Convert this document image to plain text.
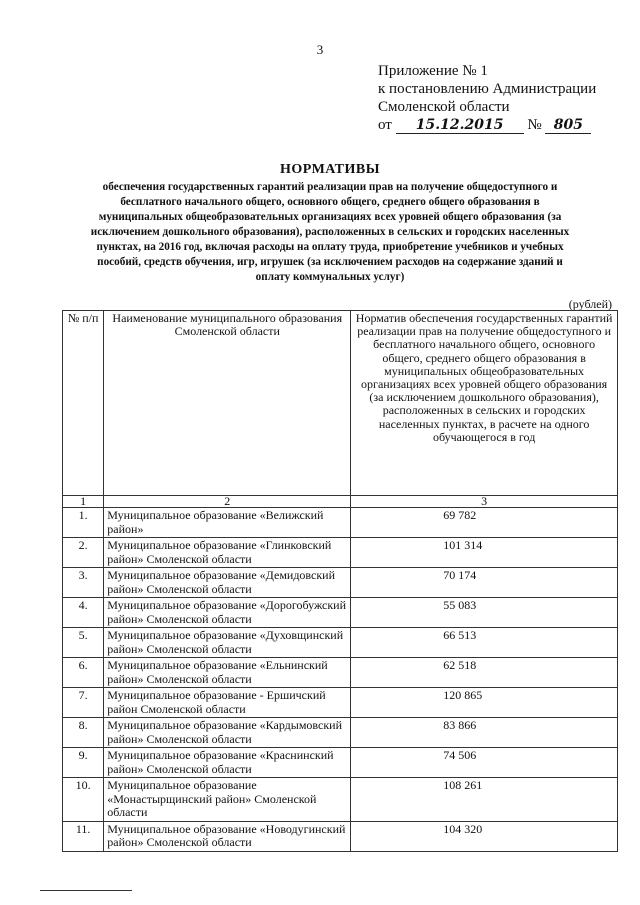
3
Приложение № 1
к постановлению Администрации
Смоленской области
от 15.12.2015 № 805
НОРМАТИВЫ
обеспечения государственных гарантий реализации прав на получение общедоступного и бесплатного начального общего, основного общего, среднего общего образования в муниципальных общеобразовательных организациях всех уровней общего образования (за исключением дошкольного образования), расположенных в сельских и городских населенных пунктах, на 2016 год, включая расходы на оплату труда, приобретение учебников и учебных пособий, средств обучения, игр, игрушек (за исключением расходов на содержание зданий и оплату коммунальных услуг)
(рублей)
№ п/п	Наименование муниципального образования Смоленской области	Норматив обеспечения государственных гарантий реализации прав на получение общедоступного и бесплатного начального общего, основного общего, среднего общего образования в муниципальных общеобразовательных организациях всех уровней общего образования (за исключением дошкольного образования), расположенных в сельских и городских населенных пунктах, в расчете на одного обучающегося в год
1	2	3
1.	Муниципальное образование «Велижский район»	69 782
2.	Муниципальное образование «Глинковский район» Смоленской области	101 314
3.	Муниципальное образование «Демидовский район» Смоленской области	70 174
4.	Муниципальное образование «Дорогобужский район» Смоленской области	55 083
5.	Муниципальное образование «Духовщинский район» Смоленской области	66 513
6.	Муниципальное образование «Ельнинский район» Смоленской области	62 518
7.	Муниципальное образование - Ершичский район Смоленской области	120 865
8.	Муниципальное образование «Кардымовский район» Смоленской области	83 866
9.	Муниципальное образование «Краснинский район» Смоленской области	74 506
10.	Муниципальное образование «Монастырщинский район» Смоленской области	108 261
11.	Муниципальное образование «Новодугинский район» Смоленской области	104 320
